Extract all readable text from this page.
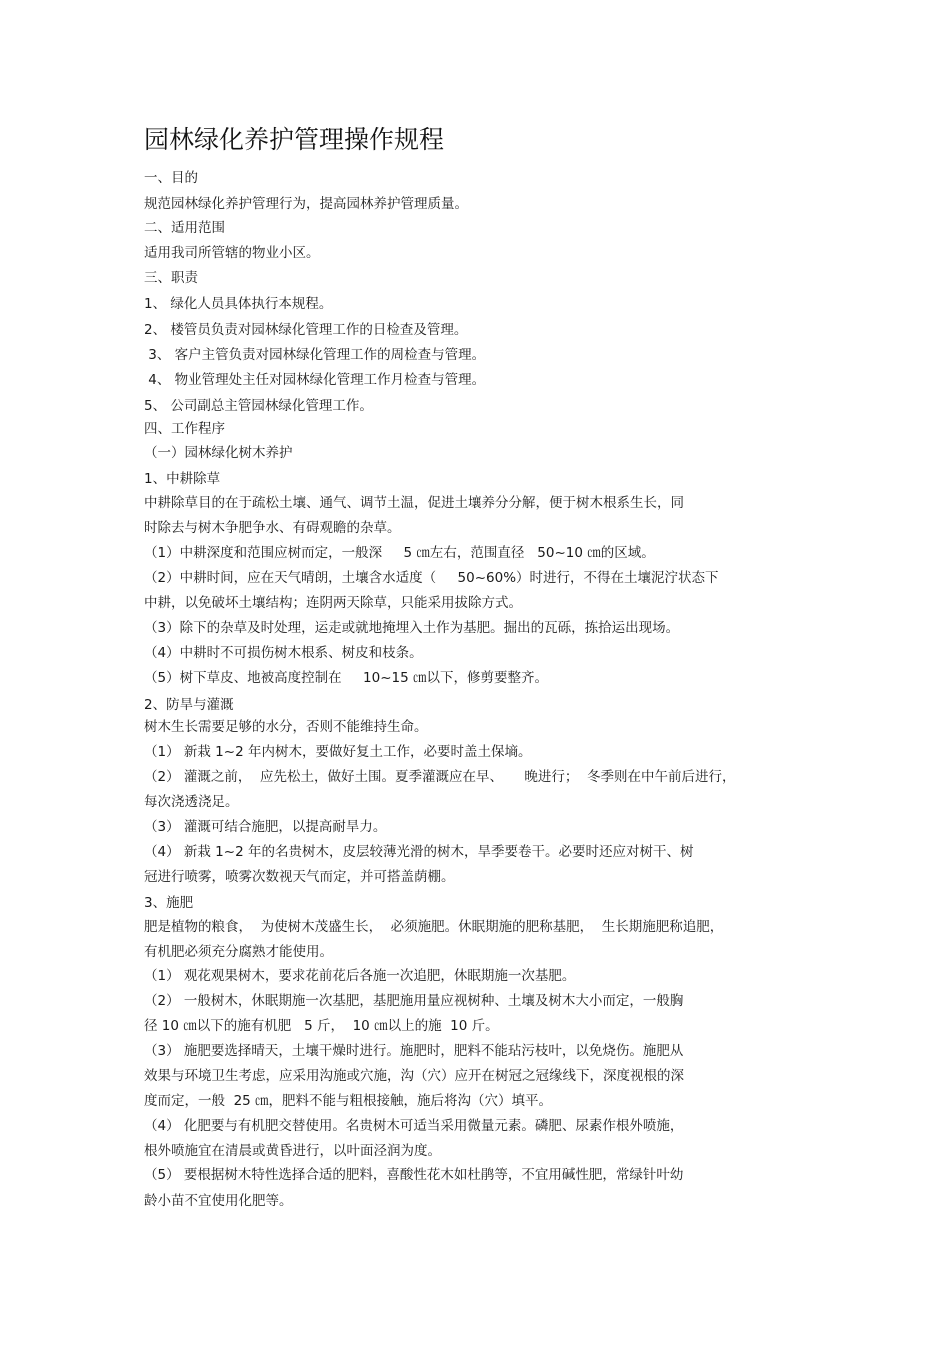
园林绿化养护管理操作规程
一、目的
规范园林绿化养护管理行为，提高园林养护管理质量。
二、适用范围
适用我司所管辖的物业小区。
三、职责
1、 绿化人员具体执行本规程。
2、 楼管员负责对园林绿化管理工作的日检查及管理。
3、 客户主管负责对园林绿化管理工作的周检查与管理。
4、 物业管理处主任对园林绿化管理工作月检查与管理。
5、 公司副总主管园林绿化管理工作。
四、工作程序
（一）园林绿化树木养护
1、中耕除草
中耕除草目的在于疏松土壤、通气、调节土温，促进土壤养分分解，便于树木根系生长，同
时除去与树木争肥争水、有碍观瞻的杂草。
（1）中耕深度和范围应树而定，一般深     5 ㎝左右，范围直径   50~10 ㎝的区域。
（2）中耕时间，应在天气晴朗，土壤含水适度（     50~60%）时进行，不得在土壤泥泞状态下
中耕，以免破坏土壤结构；连阴两天除草，只能采用拔除方式。
（3）除下的杂草及时处理，运走或就地掩埋入土作为基肥。掘出的瓦砾，拣拾运出现场。
（4）中耕时不可损伤树木根系、树皮和枝条。
（5）树下草皮、地被高度控制在     10~15 ㎝以下，修剪要整齐。
2、防旱与灌溉
树木生长需要足够的水分，否则不能维持生命。
（1） 新栽 1~2 年内树木，要做好复土工作，必要时盖土保墒。
（2） 灌溉之前，  应先松土，做好土围。夏季灌溉应在早、     晚进行；  冬季则在中午前后进行，
每次浇透浇足。
（3） 灌溉可结合施肥，以提高耐旱力。
（4） 新栽 1~2 年的名贵树木，皮层较薄光滑的树木，旱季要卷干。必要时还应对树干、树
冠进行喷雾，喷雾次数视天气而定，并可搭盖荫棚。
3、施肥
肥是植物的粮食，  为使树木茂盛生长，  必须施肥。休眠期施的肥称基肥，  生长期施肥称追肥，
有机肥必须充分腐熟才能使用。
（1） 观花观果树木，要求花前花后各施一次追肥，休眠期施一次基肥。
（2） 一般树木，休眠期施一次基肥，基肥施用量应视树种、土壤及树木大小而定，一般胸
径 10 ㎝以下的施有机肥   5 斤，  10 ㎝以上的施  10 斤。
（3） 施肥要选择晴天，土壤干燥时进行。施肥时，肥料不能玷污枝叶，以免烧伤。施肥从
效果与环境卫生考虑，应采用沟施或穴施，沟（穴）应开在树冠之冠缘线下，深度视根的深
度而定，一般  25 ㎝，肥料不能与粗根接触，施后将沟（穴）填平。
（4） 化肥要与有机肥交替使用。名贵树木可适当采用微量元素。磷肥、尿素作根外喷施，
根外喷施宜在清晨或黄昏进行，以叶面泾润为度。
（5） 要根据树木特性选择合适的肥料，喜酸性花木如杜鹃等，不宜用碱性肥，常绿针叶幼
龄小苗不宜使用化肥等。
